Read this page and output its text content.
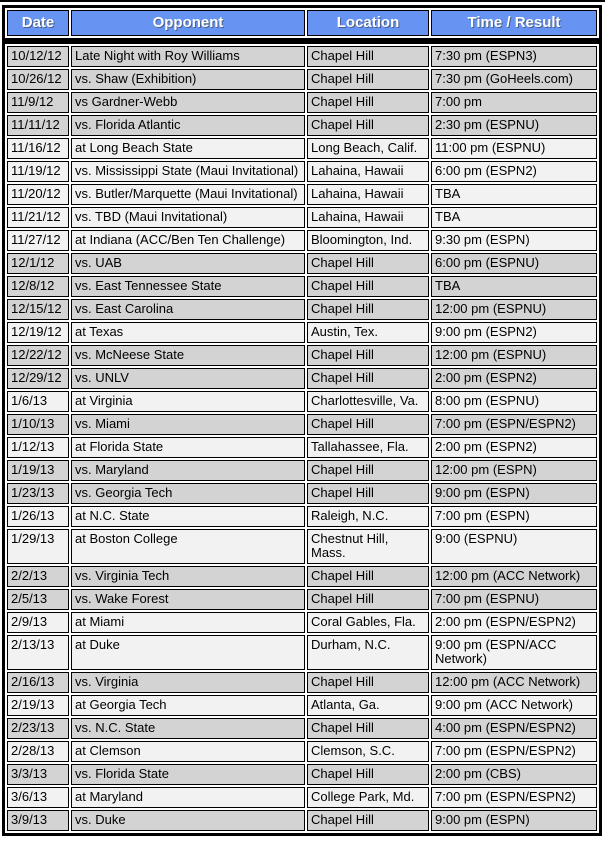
Date	Opponent	Location	Time / Result
10/12/12	Late Night with Roy Williams	Chapel Hill	7:30 pm (ESPN3)
10/26/12	vs. Shaw (Exhibition)	Chapel Hill	7:30 pm (GoHeels.com)
11/9/12	vs Gardner-Webb	Chapel Hill	7:00 pm
11/11/12	vs. Florida Atlantic	Chapel Hill	2:30 pm (ESPNU)
11/16/12	at Long Beach State	Long Beach, Calif.	11:00 pm (ESPNU)
11/19/12	vs. Mississippi State (Maui Invitational)	Lahaina, Hawaii	6:00 pm (ESPN2)
11/20/12	vs. Butler/Marquette (Maui Invitational)	Lahaina, Hawaii	TBA
11/21/12	vs. TBD (Maui Invitational)	Lahaina, Hawaii	TBA
11/27/12	at Indiana (ACC/Ben Ten Challenge)	Bloomington, Ind.	9:30 pm (ESPN)
12/1/12	vs. UAB	Chapel Hill	6:00 pm (ESPNU)
12/8/12	vs. East Tennessee State	Chapel Hill	TBA
12/15/12	vs. East Carolina	Chapel Hill	12:00 pm (ESPNU)
12/19/12	at Texas	Austin, Tex.	9:00 pm (ESPN2)
12/22/12	vs. McNeese State	Chapel Hill	12:00 pm (ESPNU)
12/29/12	vs. UNLV	Chapel Hill	2:00 pm (ESPN2)
1/6/13	at Virginia	Charlottesville, Va.	8:00 pm (ESPNU)
1/10/13	vs. Miami	Chapel Hill	7:00 pm (ESPN/ESPN2)
1/12/13	at Florida State	Tallahassee, Fla.	2:00 pm (ESPN2)
1/19/13	vs. Maryland	Chapel Hill	12:00 pm (ESPN)
1/23/13	vs. Georgia Tech	Chapel Hill	9:00 pm (ESPN)
1/26/13	at N.C. State	Raleigh, N.C.	7:00 pm (ESPN)
1/29/13	at Boston College	Chestnut Hill, Mass.	9:00 (ESPNU)
2/2/13	vs. Virginia Tech	Chapel Hill	12:00 pm (ACC Network)
2/5/13	vs. Wake Forest	Chapel Hill	7:00 pm (ESPNU)
2/9/13	at Miami	Coral Gables, Fla.	2:00 pm (ESPN/ESPN2)
2/13/13	at Duke	Durham, N.C.	9:00 pm (ESPN/ACC Network)
2/16/13	vs. Virginia	Chapel Hill	12:00 pm (ACC Network)
2/19/13	at Georgia Tech	Atlanta, Ga.	9:00 pm (ACC Network)
2/23/13	vs. N.C. State	Chapel Hill	4:00 pm (ESPN/ESPN2)
2/28/13	at Clemson	Clemson, S.C.	7:00 pm (ESPN/ESPN2)
3/3/13	vs. Florida State	Chapel Hill	2:00 pm (CBS)
3/6/13	at Maryland	College Park, Md.	7:00 pm (ESPN/ESPN2)
3/9/13	vs. Duke	Chapel Hill	9:00 pm (ESPN)
